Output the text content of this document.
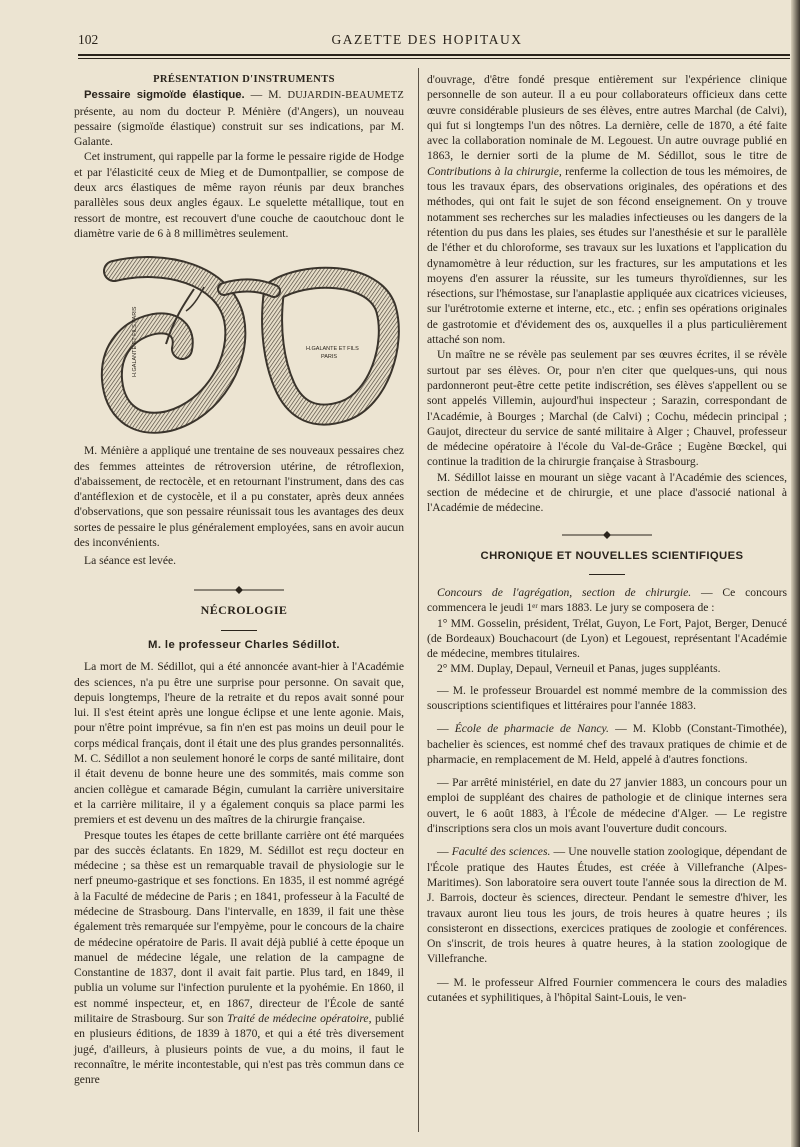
102	GAZETTE DES HOPITAUX

PRÉSENTATION D'INSTRUMENTS

Pessaire sigmoïde élastique. — M. DUJARDIN-BEAUMETZ présente, au nom du docteur P. Ménière (d'Angers), un nouveau pessaire (sigmoïde élastique) construit sur ses indications, par M. Galante.

Cet instrument, qui rappelle par la forme le pessaire rigide de Hodge et par l'élasticité ceux de Mieg et de Dumontpallier, se compose de deux arcs élastiques de même rayon réunis par deux branches parallèles sous deux angles égaux. Le squelette métallique, tout en ressort de montre, est recouvert d'une couche de caoutchouc dont le diamètre varie de 6 à 8 millimètres seulement.

H.GALANTE ET FILS PARIS	H.GALANTE ET FILS
PARIS

M. Ménière a appliqué une trentaine de ses nouveaux pessaires chez des femmes atteintes de rétroversion utérine, de rétroflexion, d'abaissement, de rectocèle, et en retournant l'instrument, dans des cas d'antéflexion et de cystocèle, et il a pu constater, après deux années d'observations, que son pessaire réunissait tous les avantages des deux sortes de pessaire le plus généralement employées, sans en avoir aucun des inconvénients.

La séance est levée.

NÉCROLOGIE

M. le professeur Charles Sédillot.

La mort de M. Sédillot, qui a été annoncée avant-hier à l'Académie des sciences, n'a pu être une surprise pour personne. On savait que, depuis longtemps, l'heure de la retraite et du repos avait sonné pour lui. Il s'est éteint après une longue éclipse et une lente agonie. Mais, pour n'être point imprévue, sa fin n'en est pas moins un deuil pour le corps médical français, dont il était une des plus grandes personnalités. M. C. Sédillot a non seulement honoré le corps de santé militaire, dont il était devenu de bonne heure une des sommités, mais comme son ancien collègue et camarade Bégin, cumulant la carrière universitaire et la carrière militaire, il y a également conquis sa place parmi les premiers et est devenu un des maîtres de la chirurgie française.

Presque toutes les étapes de cette brillante carrière ont été marquées par des succès éclatants. En 1829, M. Sédillot est reçu docteur en médecine ; sa thèse est un remarquable travail de physiologie sur le nerf pneumo-gastrique et ses fonctions. En 1835, il est nommé agrégé à la Faculté de médecine de Paris ; en 1841, professeur à la Faculté de médecine de Strasbourg. Dans l'intervalle, en 1839, il fait une thèse également très remarquée sur l'empyème, pour le concours de la chaire de médecine opératoire de Paris. Il avait déjà publié à cette époque un manuel de médecine légale, une relation de la campagne de Constantine de 1837, dont il avait fait partie. Plus tard, en 1849, il publia un volume sur l'infection purulente et la pyohémie. En 1860, il est nommé inspecteur, et, en 1867, directeur de l'École de santé militaire de Strasbourg. Sur son Traité de médecine opératoire, publié en plusieurs éditions, de 1839 à 1870, et qui a été très diversement jugé, d'ailleurs, à plusieurs points de vue, a du moins, il faut le reconnaître, le mérite incontestable, qui n'est pas très commun dans ce genre

d'ouvrage, d'être fondé presque entièrement sur l'expérience clinique personnelle de son auteur. Il a eu pour collaborateurs officieux dans cette œuvre considérable plusieurs de ses élèves, entre autres Marchal (de Calvi), qui fut si longtemps l'un des nôtres. La dernière, celle de 1870, a été faite avec la collaboration nominale de M. Legouest. Un autre ouvrage publié en 1863, le dernier sorti de la plume de M. Sédillot, sous le titre de Contributions à la chirurgie, renferme la collection de tous les mémoires, de tous les travaux épars, des observations originales, des opérations et des méthodes, qui ont fait le sujet de son fécond enseignement. On y trouve notamment ses recherches sur les maladies infectieuses ou les dangers de la rétention du pus dans les plaies, ses études sur l'anesthésie et sur le parallèle de l'éther et du chloroforme, ses travaux sur les luxations et l'application du dynamomètre à leur réduction, sur les fractures, sur les amputations et les moyens d'en assurer la réussite, sur les tumeurs thyroïdiennes, sur les résections, sur l'hémostase, sur l'anaplastie appliquée aux cicatrices vicieuses, sur l'urétrotomie externe et interne, etc., etc. ; enfin ses opérations originales de gastrotomie et d'évidement des os, auxquelles il a plus particulièrement attaché son nom.

Un maître ne se révèle pas seulement par ses œuvres écrites, il se révèle surtout par ses élèves. Or, pour n'en citer que quelques-uns, qui nous pardonneront peut-être cette petite indiscrétion, ses élèves s'appellent ou se sont appelés Villemin, aujourd'hui inspecteur ; Sarazin, correspondant de l'Académie, à Bourges ; Marchal (de Calvi) ; Cochu, médecin principal ; Gaujot, directeur du service de santé militaire à Alger ; Chauvel, professeur de médecine opératoire à l'école du Val-de-Grâce ; Eugène Bœckel, qui continue la tradition de la chirurgie française à Strasbourg.

M. Sédillot laisse en mourant un siège vacant à l'Académie des sciences, section de médecine et de chirurgie, et une place d'associé national à l'Académie de médecine.

CHRONIQUE ET NOUVELLES SCIENTIFIQUES

Concours de l'agrégation, section de chirurgie. — Ce concours commencera le jeudi 1ᵉʳ mars 1883. Le jury se composera de :

1° MM. Gosselin, président, Trélat, Guyon, Le Fort, Pajot, Berger, Denucé (de Bordeaux) Bouchacourt (de Lyon) et Legouest, représentant l'Académie de médecine, membres titulaires.

2° MM. Duplay, Depaul, Verneuil et Panas, juges suppléants.

— M. le professeur Brouardel est nommé membre de la commission des souscriptions scientifiques et littéraires pour l'année 1883.

— École de pharmacie de Nancy. — M. Klobb (Constant-Timothée), bachelier ès sciences, est nommé chef des travaux pratiques de chimie et de pharmacie, en remplacement de M. Held, appelé à d'autres fonctions.

— Par arrêté ministériel, en date du 27 janvier 1883, un concours pour un emploi de suppléant des chaires de pathologie et de clinique internes sera ouvert, le 6 août 1883, à l'École de médecine d'Alger. — Le registre d'inscriptions sera clos un mois avant l'ouverture dudit concours.

— Faculté des sciences. — Une nouvelle station zoologique, dépendant de l'École pratique des Hautes Études, est créée à Villefranche (Alpes-Maritimes). Son laboratoire sera ouvert toute l'année sous la direction de M. J. Barrois, docteur ès sciences, directeur. Pendant le semestre d'hiver, les travaux auront lieu tous les jours, de trois heures à quatre heures ; ils consisteront en dissections, exercices pratiques de zoologie et conférences. On s'inscrit, de trois heures à quatre heures, à la station zoologique de Villefranche.

— M. le professeur Alfred Fournier commencera le cours des maladies cutanées et syphilitiques, à l'hôpital Saint-Louis, le ven-
